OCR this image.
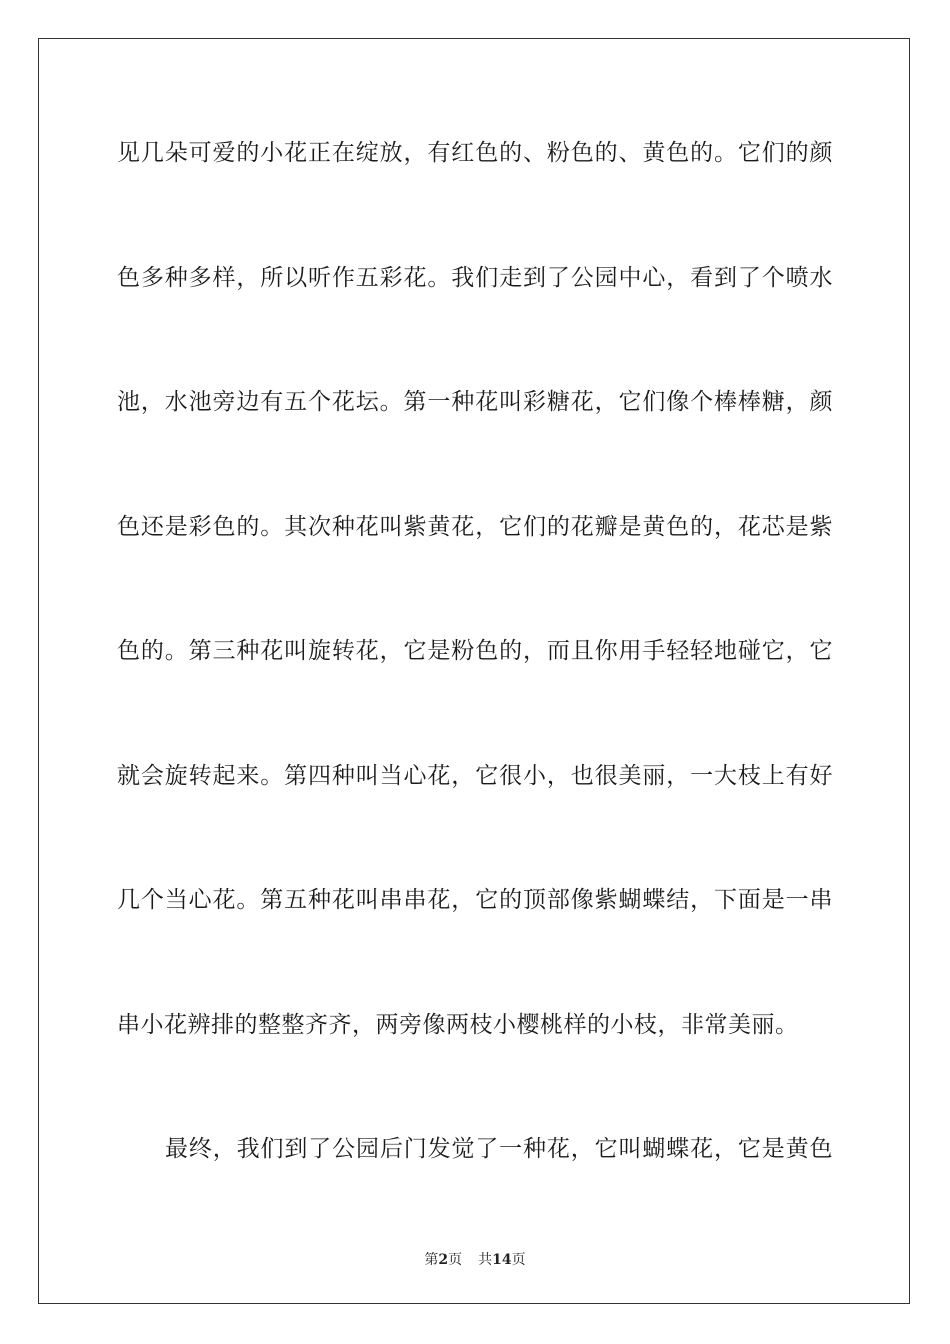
见几朵可爱的小花正在绽放，有红色的、粉色的、黄色的。它们的颜
色多种多样，所以听作五彩花。我们走到了公园中心，看到了个喷水
池，水池旁边有五个花坛。第一种花叫彩糖花，它们像个棒棒糖，颜
色还是彩色的。其次种花叫紫黄花，它们的花瓣是黄色的，花芯是紫
色的。第三种花叫旋转花，它是粉色的，而且你用手轻轻地碰它，它
就会旋转起来。第四种叫当心花，它很小，也很美丽，一大枝上有好
几个当心花。第五种花叫串串花，它的顶部像紫蝴蝶结，下面是一串
串小花辨排的整整齐齐，两旁像两枝小樱桃样的小枝，非常美丽。
最终，我们到了公园后门发觉了一种花，它叫蝴蝶花，它是黄色
第2页 共14页
